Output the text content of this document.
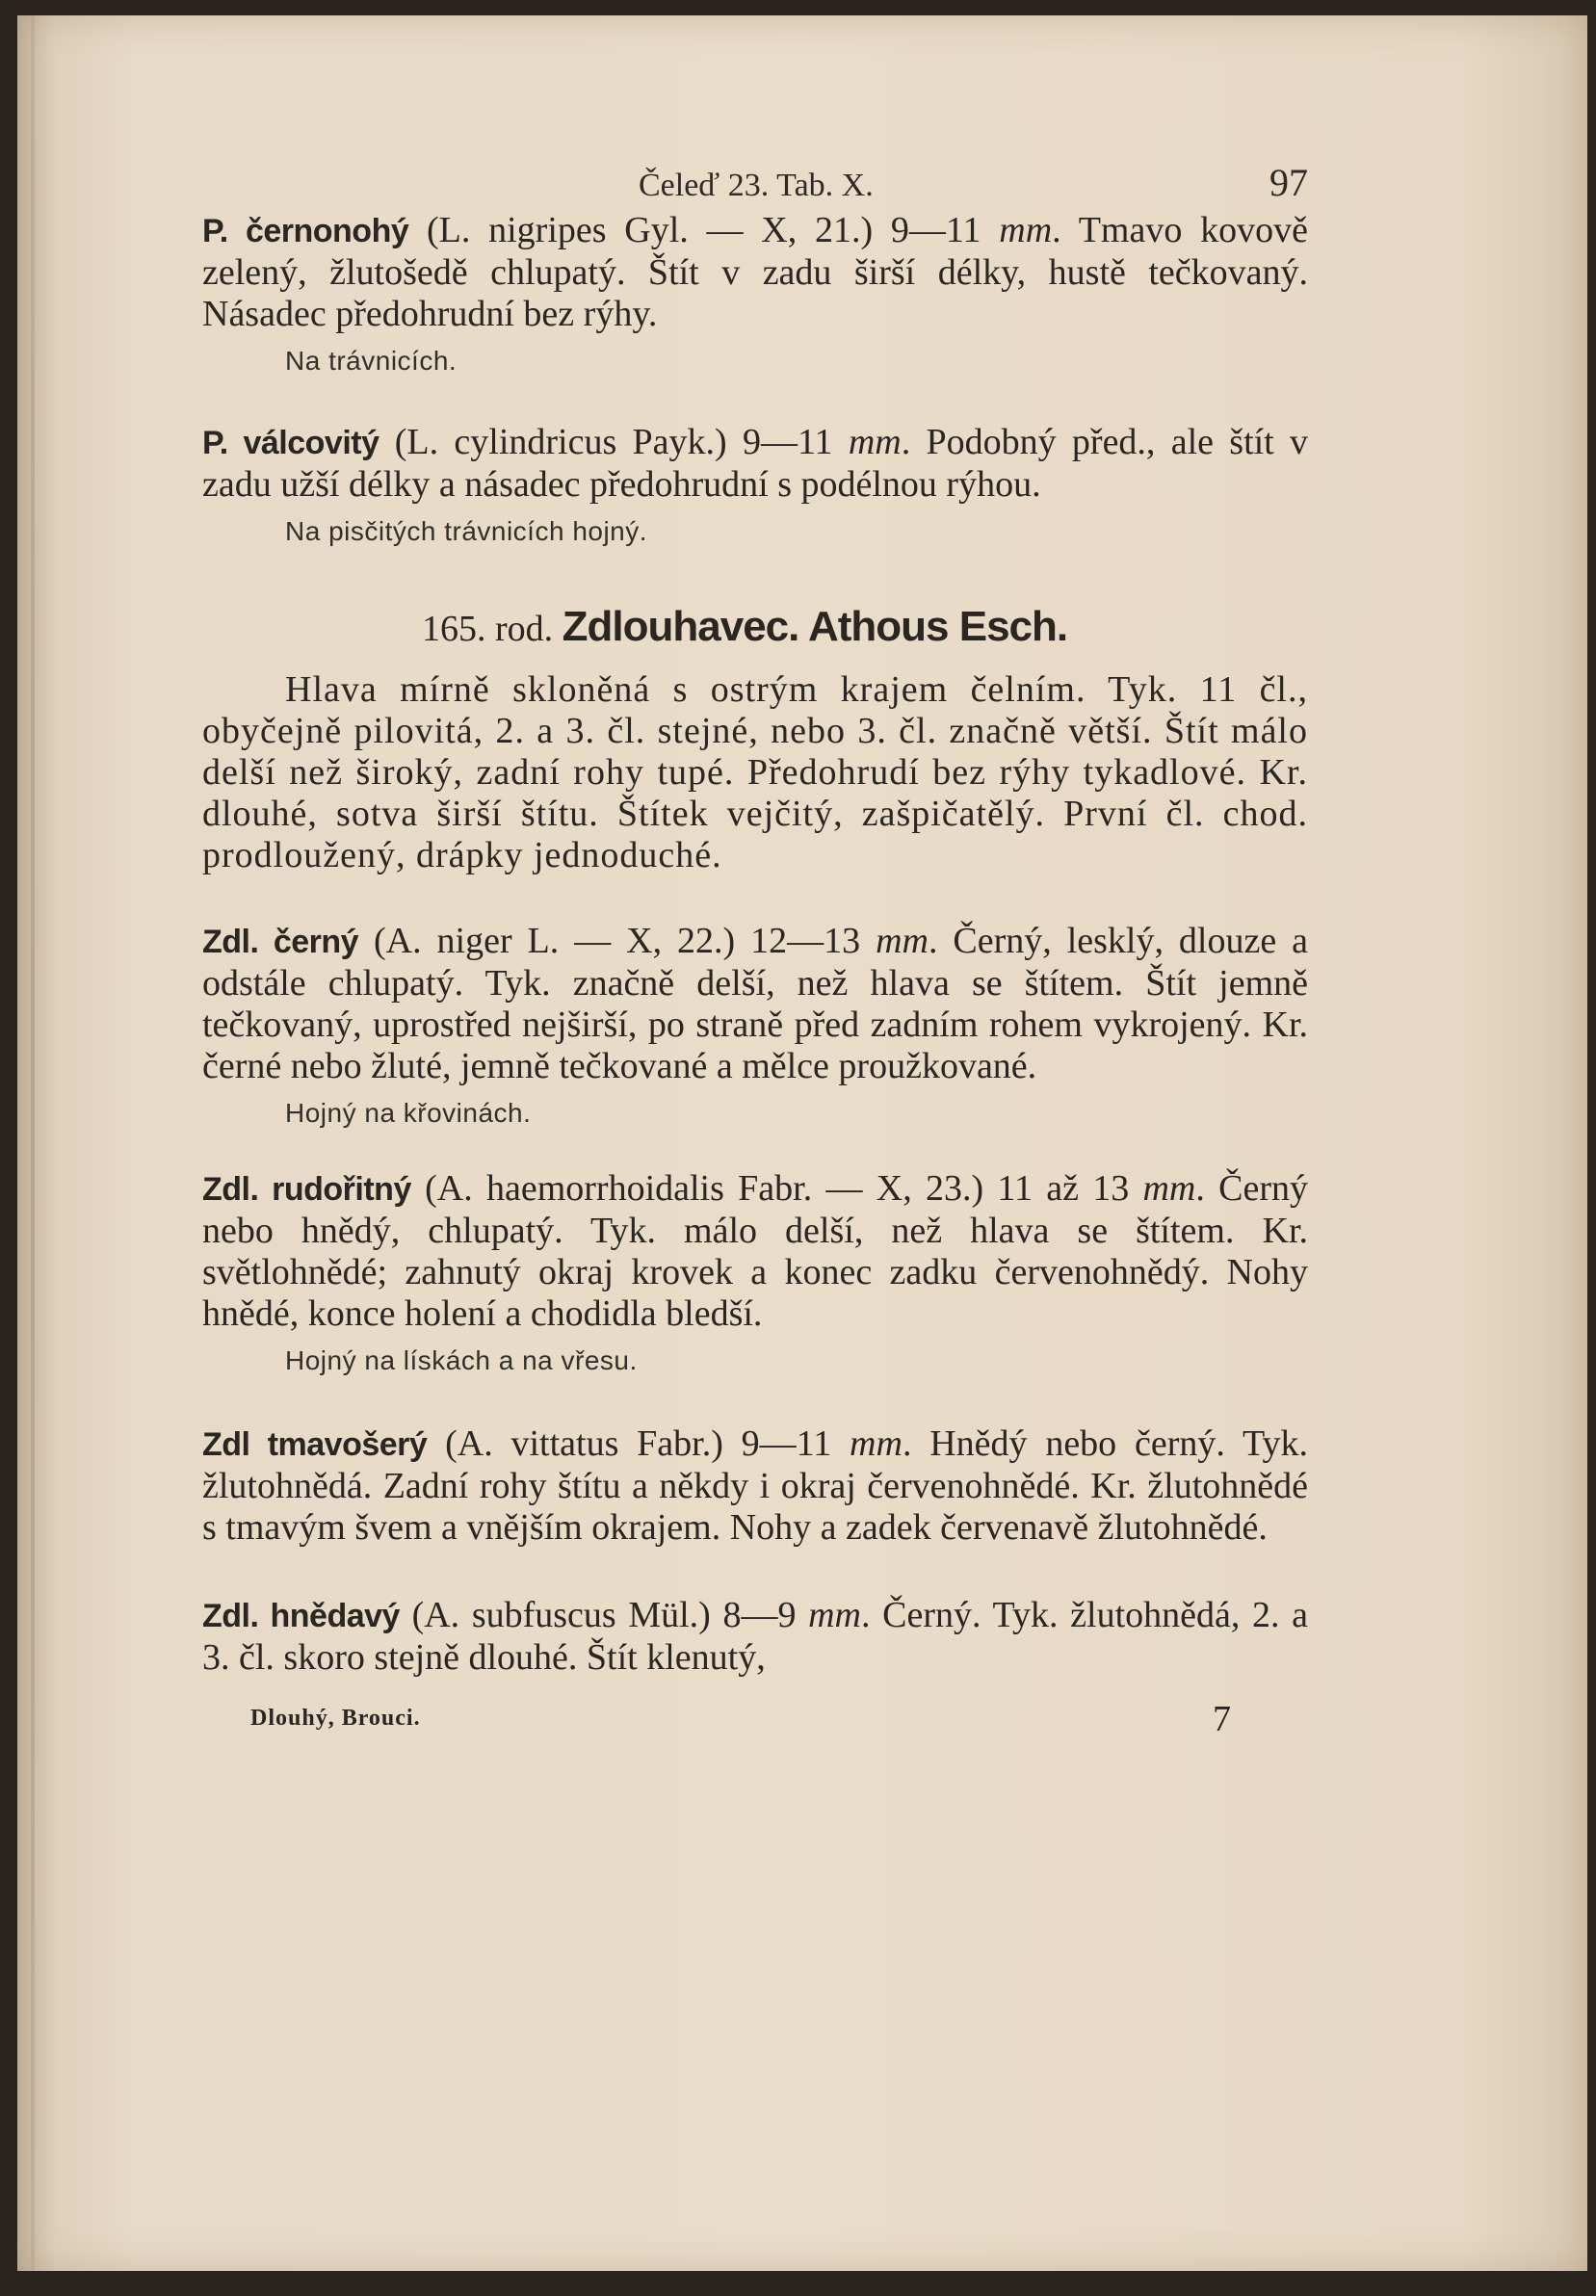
Čeleď 23. Tab. X.	97

P. černonohý (L. nigripes Gyl. — X, 21.) 9—11 mm. Tmavo kovově zelený, žlutošedě chlupatý. Štít v zadu širší délky, hustě tečkovaný. Násadec předohrudní bez rýhy.

Na trávnicích.

P. válcovitý (L. cylindricus Payk.) 9—11 mm. Podobný před., ale štít v zadu užší délky a násadec předohrudní s podélnou rýhou.

Na pisčitých trávnicích hojný.
165. rod. Zdlouhavec. Athous Esch.

Hlava mírně skloněná s ostrým krajem čelním. Tyk. 11 čl., obyčejně pilovitá, 2. a 3. čl. stejné, nebo 3. čl. značně větší. Štít málo delší než široký, zadní rohy tupé. Předohrudí bez rýhy tykadlové. Kr. dlouhé, sotva širší štítu. Štítek vejčitý, zašpičatělý. První čl. chod. prodloužený, drápky jednoduché.

Zdl. černý (A. niger L. — X, 22.) 12—13 mm. Černý, lesklý, dlouze a odstále chlupatý. Tyk. značně delší, než hlava se štítem. Štít jemně tečkovaný, uprostřed nejširší, po straně před zadním rohem vykrojený. Kr. černé nebo žluté, jemně tečkované a mělce proužkované.

Hojný na křovinách.

Zdl. rudořitný (A. haemorrhoidalis Fabr. — X, 23.) 11 až 13 mm. Černý nebo hnědý, chlupatý. Tyk. málo delší, než hlava se štítem. Kr. světlohnědé; zahnutý okraj krovek a konec zadku červenohnědý. Nohy hnědé, konce holení a chodidla bledší.

Hojný na lískách a na vřesu.

Zdl tmavošerý (A. vittatus Fabr.) 9—11 mm. Hnědý nebo černý. Tyk. žlutohnědá. Zadní rohy štítu a někdy i okraj červenohnědé. Kr. žlutohnědé s tmavým švem a vnějším okrajem. Nohy a zadek červenavě žlutohnědé.

Zdl. hnědavý (A. subfuscus Mül.) 8—9 mm. Černý. Tyk. žlutohnědá, 2. a 3. čl. skoro stejně dlouhé. Štít klenutý,

Dlouhý, Brouci.	7
